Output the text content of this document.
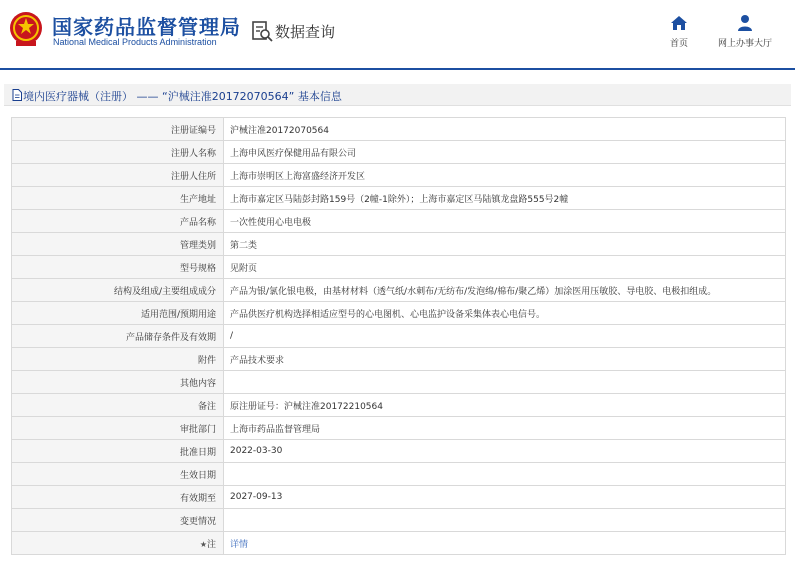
国家药品监督管理局
National Medical Products Administration
数据查询
首页	网上办事大厅
境内医疗器械（注册） —— “沪械注准20172070564” 基本信息
注册证编号	沪械注准20172070564
注册人名称	上海申风医疗保健用品有限公司
注册人住所	上海市崇明区上海富盛经济开发区
生产地址	上海市嘉定区马陆彭封路159号（2幢-1除外）；上海市嘉定区马陆镇龙盘路555号2幢
产品名称	一次性使用心电电极
管理类别	第二类
型号规格	见附页
结构及组成/主要组成成分	产品为银/氯化银电极，由基材材料（透气纸/水刺布/无纺布/发泡绵/棉布/聚乙烯）加涂医用压敏胶、导电胶、电极扣组成。
适用范围/预期用途	产品供医疗机构选择相适应型号的心电图机、心电监护设备采集体表心电信号。
产品储存条件及有效期	/
附件	产品技术要求
其他内容	
备注	原注册证号：沪械注准20172210564
审批部门	上海市药品监督管理局
批准日期	2022-03-30
生效日期	
有效期至	2027-09-13
变更情况	
★注	详情
